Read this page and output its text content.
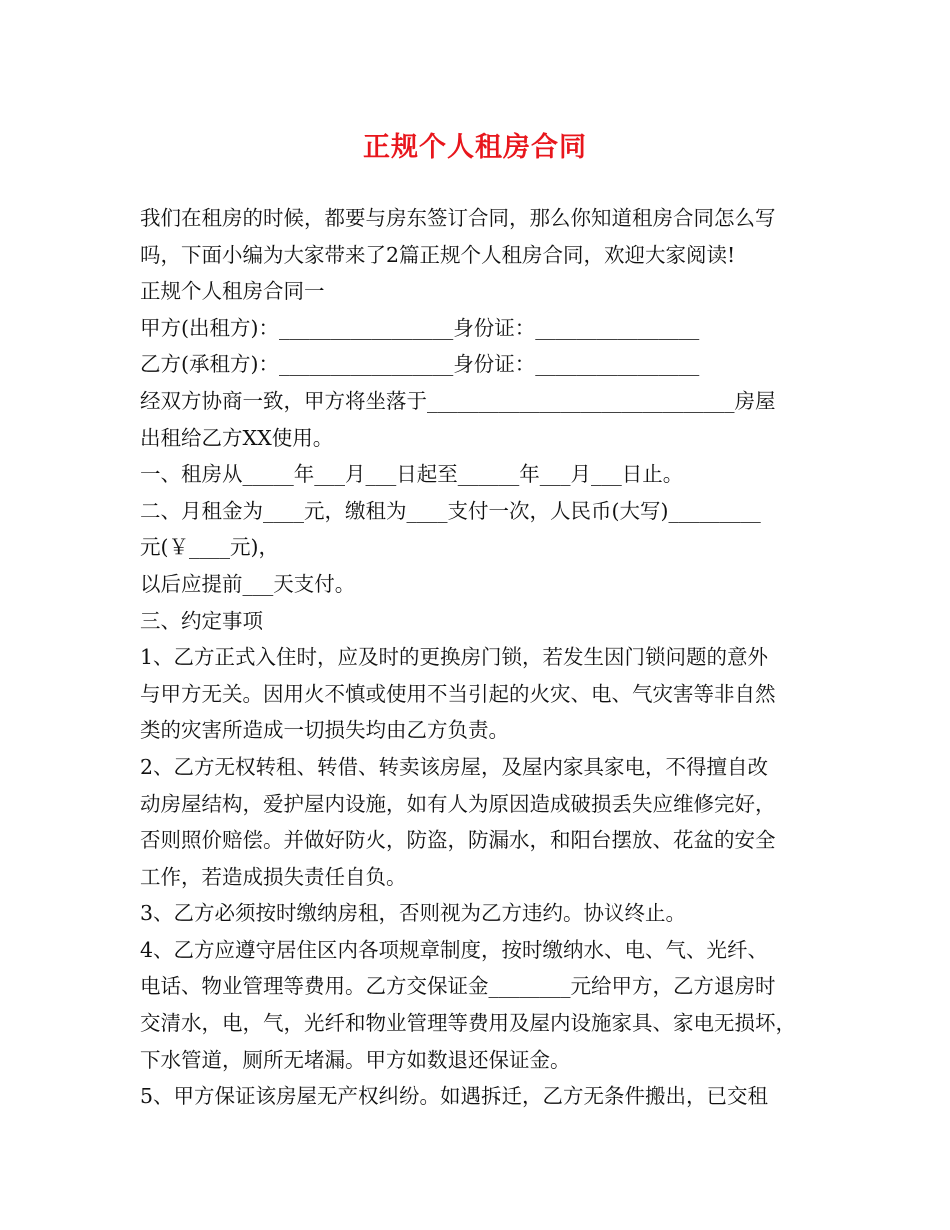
正规个人租房合同
我们在租房的时候，都要与房东签订合同，那么你知道租房合同怎么写
吗，下面小编为大家带来了2篇正规个人租房合同，欢迎大家阅读!
正规个人租房合同一
甲方(出租方)：_________________身份证：________________
乙方(承租方)：_________________身份证：________________
经双方协商一致，甲方将坐落于______________________________房屋
出租给乙方XX使用。
一、租房从_____年___月___日起至______年___月___日止。
二、月租金为____元，缴租为____支付一次，人民币(大写)_________
元(￥____元)，
以后应提前___天支付。
三、约定事项
1、乙方正式入住时，应及时的更换房门锁，若发生因门锁问题的意外
与甲方无关。因用火不慎或使用不当引起的火灾、电、气灾害等非自然
类的灾害所造成一切损失均由乙方负责。
2、乙方无权转租、转借、转卖该房屋，及屋内家具家电，不得擅自改
动房屋结构，爱护屋内设施，如有人为原因造成破损丢失应维修完好，
否则照价赔偿。并做好防火，防盗，防漏水，和阳台摆放、花盆的安全
工作，若造成损失责任自负。
3、乙方必须按时缴纳房租，否则视为乙方违约。协议终止。
4、乙方应遵守居住区内各项规章制度，按时缴纳水、电、气、光纤、
电话、物业管理等费用。乙方交保证金________元给甲方，乙方退房时
交清水，电，气，光纤和物业管理等费用及屋内设施家具、家电无损坏，
下水管道，厕所无堵漏。甲方如数退还保证金。
5、甲方保证该房屋无产权纠纷。如遇拆迁，乙方无条件搬出，已交租
